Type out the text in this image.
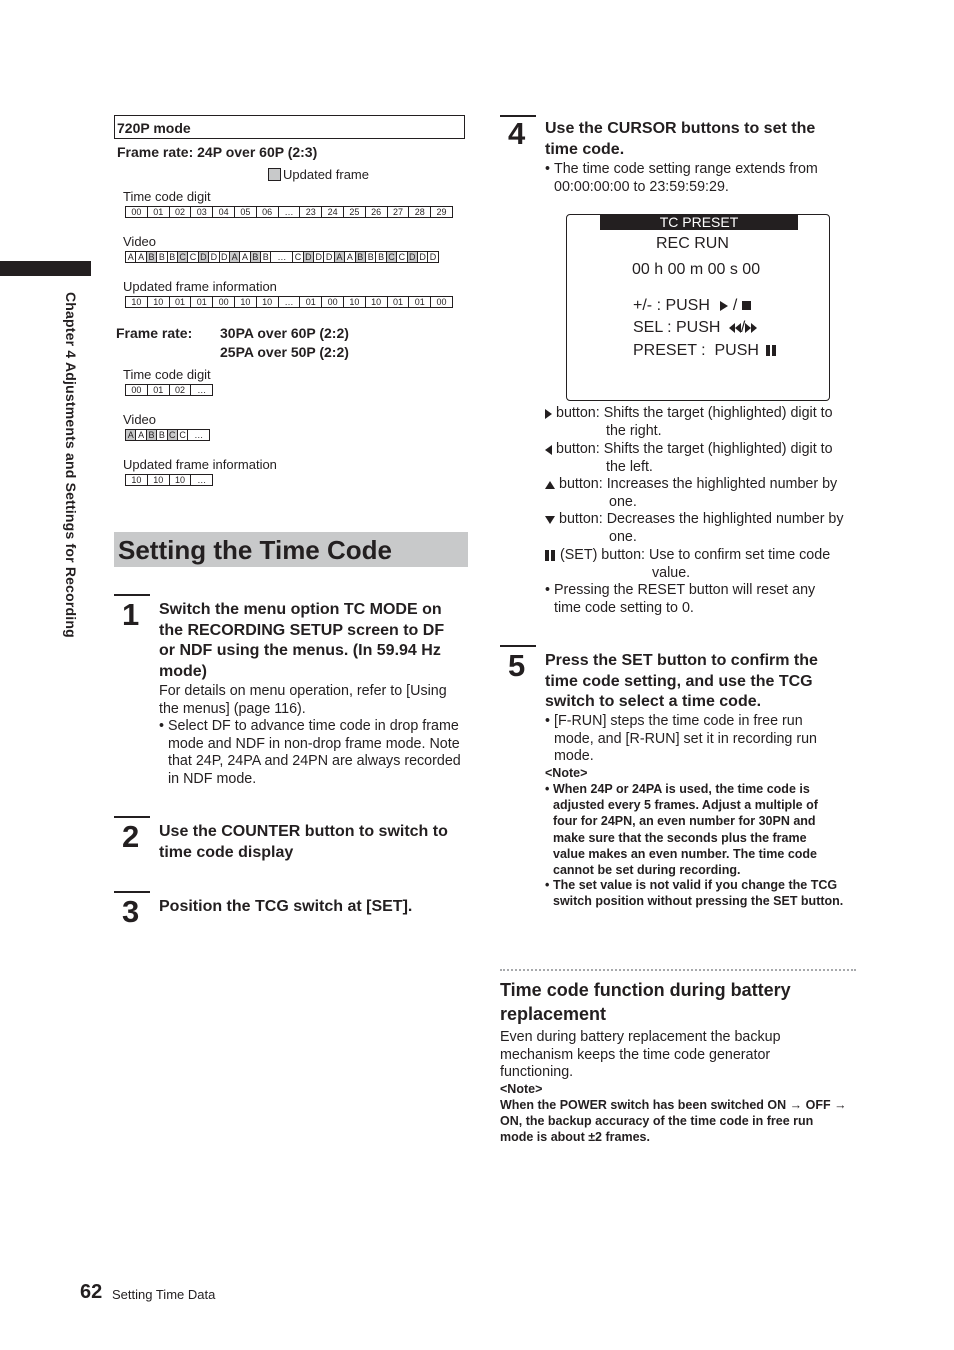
Chapter 4 Adjustments and Settings for Recording
720P mode
Frame rate: 24P over 60P (2:3)
Updated frame
Time code digit
00	01	02	03	04	05	06	…	23	24	25	26	27	28	29
Video
A A B B B C C D D D A A B B … C D D D A A B B B C C D D D
Updated frame information
10	10	01	01	00	10	10	…	01	00	10	10	01	01	00
Frame rate: 30PA over 60P (2:2)
25PA over 50P (2:2)
Time code digit
00	01	02	…
Video
A A B B C C …
Updated frame information
10	10	10	…
Setting the Time Code
1	Switch the menu option TC MODE on the RECORDING SETUP screen to DF or NDF using the menus. (In 59.94 Hz mode)
For details on menu operation, refer to [Using the menus] (page 116).
• Select DF to advance time code in drop frame mode and NDF in non-drop frame mode. Note that 24P, 24PA and 24PN are always recorded in NDF mode.
2	Use the COUNTER button to switch to time code display
3	Position the TCG switch at [SET].
4	Use the CURSOR buttons to set the time code.
• The time code setting range extends from 00:00:00:00 to 23:59:59:29.
TC PRESET
REC RUN
00 h 00 m 00 s 00
+/- : PUSH /
SEL : PUSH /
PRESET :  PUSH
button: Shifts the target (highlighted) digit to the right.
button: Shifts the target (highlighted) digit to the left.
button: Increases the highlighted number by one.
button: Decreases the highlighted number by one.
(SET) button: Use to confirm set time code value.
• Pressing the RESET button will reset any time code setting to 0.
5	Press the SET button to confirm the time code setting, and use the TCG switch to select a time code.
• [F-RUN] steps the time code in free run mode, and [R-RUN] set it in recording run mode.
<Note>
• When 24P or 24PA is used, the time code is adjusted every 5 frames. Adjust a multiple of four for 24PN, an even number for 30PN and make sure that the seconds plus the frame value makes an even number. The time code cannot be set during recording.
• The set value is not valid if you change the TCG switch position without pressing the SET button.
Time code function during battery replacement
Even during battery replacement the backup mechanism keeps the time code generator functioning.
<Note>
When the POWER switch has been switched ON → OFF → ON, the backup accuracy of the time code in free run mode is about ±2 frames.
62 Setting Time Data
